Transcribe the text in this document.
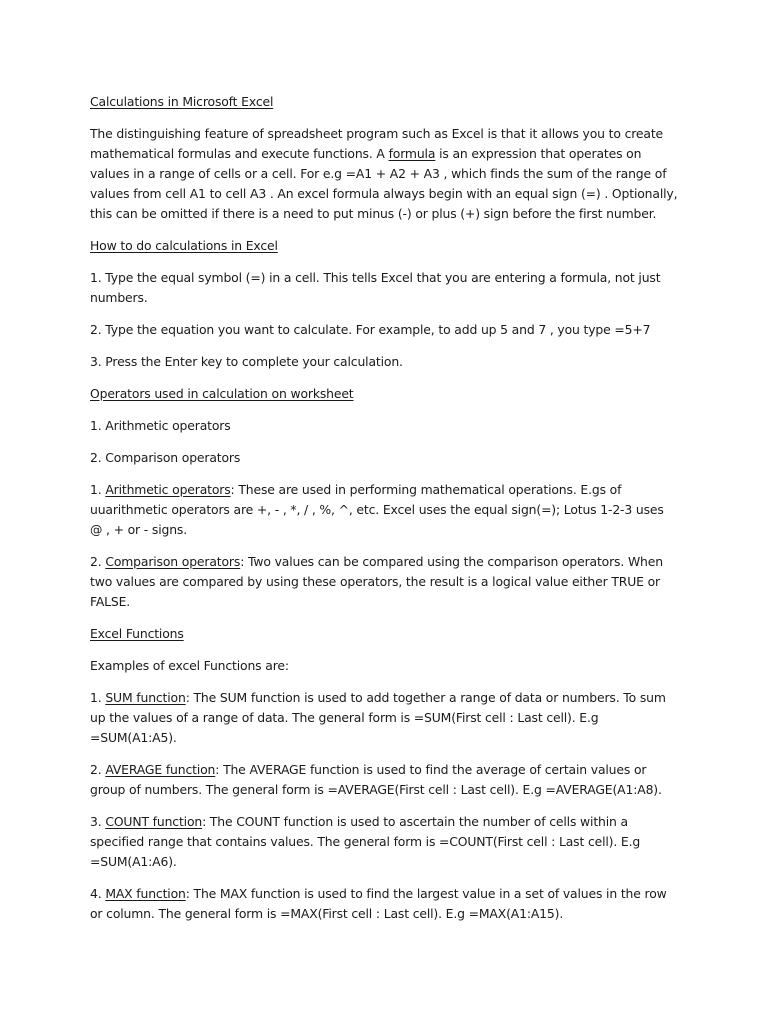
Calculations in Microsoft Excel

The distinguishing feature of spreadsheet program such as Excel is that it allows you to create mathematical formulas and execute functions. A formula is an expression that operates on values in a range of cells or a cell. For e.g =A1 + A2 + A3 , which finds the sum of the range of values from cell A1 to cell A3 . An excel formula always begin with an equal sign (=) . Optionally, this can be omitted if there is a need to put minus (-) or plus (+) sign before the first number.

How to do calculations in Excel

1. Type the equal symbol (=) in a cell. This tells Excel that you are entering a formula, not just numbers.

2. Type the equation you want to calculate. For example, to add up 5 and 7 , you type =5+7

3. Press the Enter key to complete your calculation.

Operators used in calculation on worksheet

1. Arithmetic operators

2. Comparison operators

1. Arithmetic operators: These are used in performing mathematical operations. E.gs of uuarithmetic operators are +, - , *, / , %, ^, etc. Excel uses the equal sign(=); Lotus 1-2-3 uses @ , + or - signs.

2. Comparison operators: Two values can be compared using the comparison operators. When two values are compared by using these operators, the result is a logical value either TRUE or FALSE.

Excel Functions

Examples of excel Functions are:

1. SUM function: The SUM function is used to add together a range of data or numbers. To sum up the values of a range of data. The general form is =SUM(First cell : Last cell). E.g =SUM(A1:A5).

2. AVERAGE function: The AVERAGE function is used to find the average of certain values or group of numbers. The general form is =AVERAGE(First cell : Last cell). E.g =AVERAGE(A1:A8).

3. COUNT function: The COUNT function is used to ascertain the number of cells within a specified range that contains values. The general form is =COUNT(First cell : Last cell). E.g =SUM(A1:A6).

4. MAX function: The MAX function is used to find the largest value in a set of values in the row or column. The general form is =MAX(First cell : Last cell). E.g =MAX(A1:A15).
